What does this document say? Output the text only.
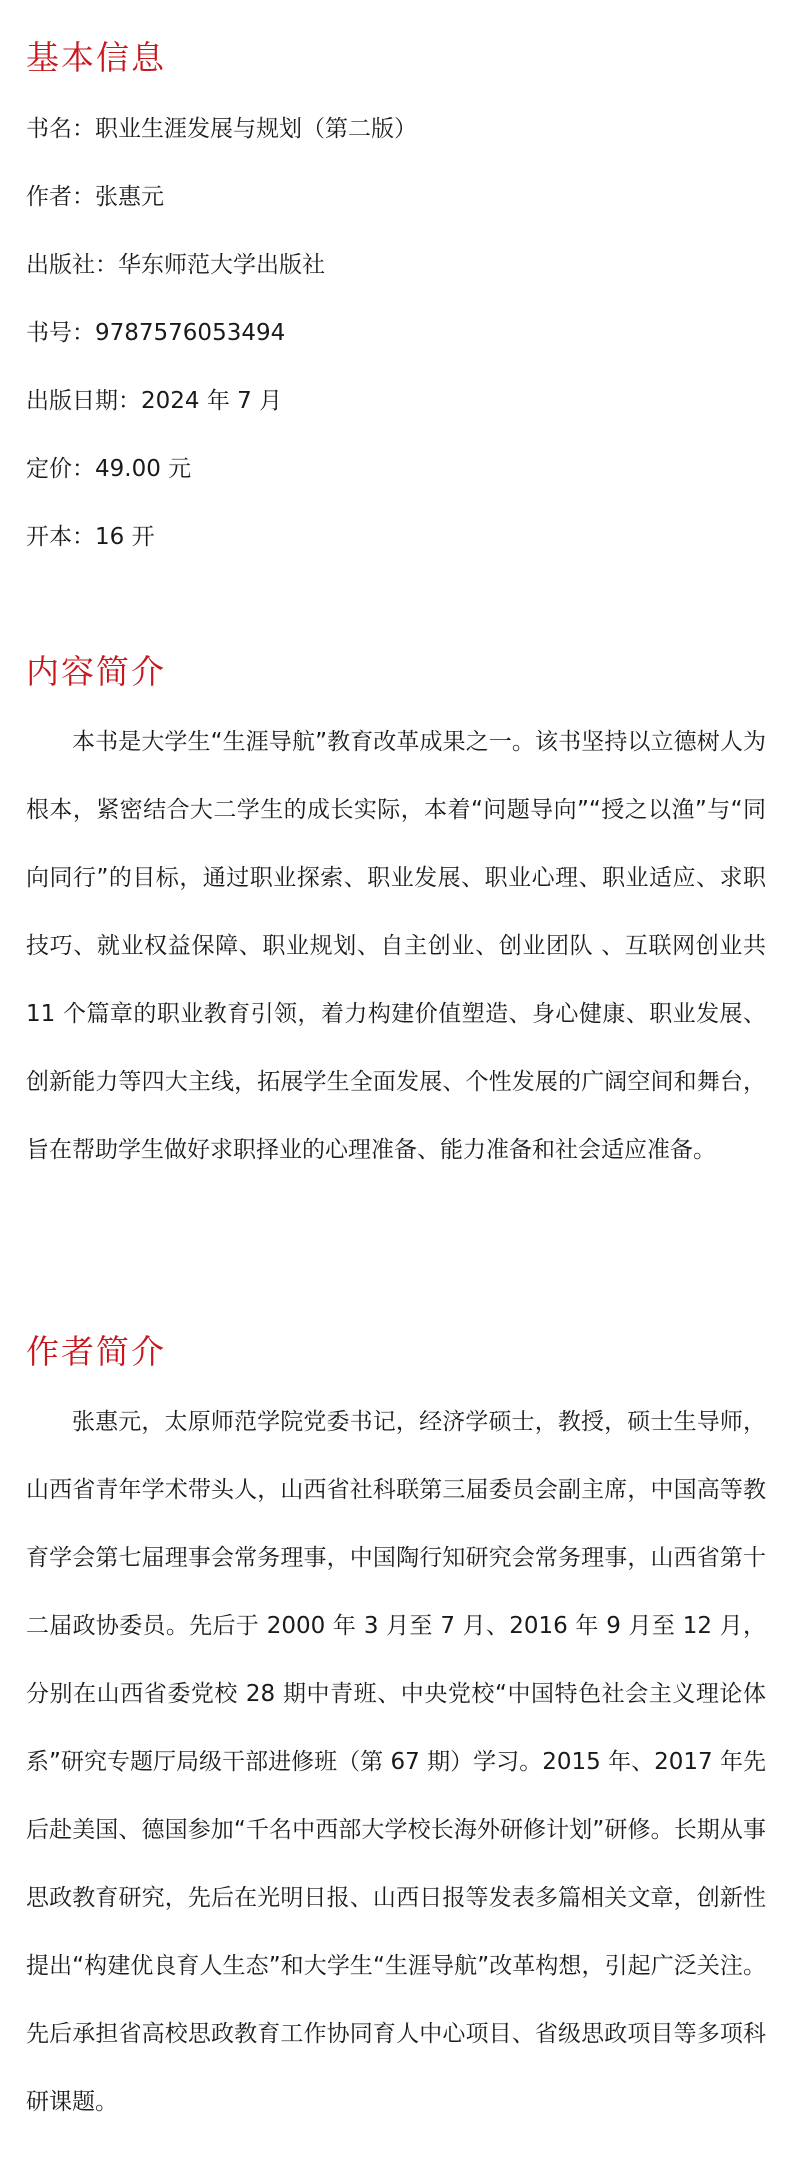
基本信息
书名：职业生涯发展与规划（第二版）
作者：张惠元
出版社：华东师范大学出版社
书号：9787576053494
出版日期：2024 年 7 月
定价：49.00 元
开本：16 开
内容简介

本书是大学生“生涯导航”教育改革成果之一。该书坚持以立德树人为根本，紧密结合大二学生的成长实际，本着“问题导向”“授之以渔”与“同向同行”的目标，通过职业探索、职业发展、职业心理、职业适应、求职技巧、就业权益保障、职业规划、自主创业、创业团队 、互联网创业共 11 个篇章的职业教育引领，着力构建价值塑造、身心健康、职业发展、创新能力等四大主线，拓展学生全面发展、个性发展的广阔空间和舞台，旨在帮助学生做好求职择业的心理准备、能力准备和社会适应准备。

作者简介

张惠元，太原师范学院党委书记，经济学硕士，教授，硕士生导师，山西省青年学术带头人，山西省社科联第三届委员会副主席，中国高等教育学会第七届理事会常务理事，中国陶行知研究会常务理事，山西省第十二届政协委员。先后于 2000 年 3 月至 7 月、2016 年 9 月至 12 月，分别在山西省委党校 28 期中青班、中央党校“中国特色社会主义理论体系”研究专题厅局级干部进修班（第 67 期）学习。2015 年、2017 年先后赴美国、德国参加“千名中西部大学校长海外研修计划”研修。长期从事思政教育研究，先后在光明日报、山西日报等发表多篇相关文章，创新性提出“构建优良育人生态”和大学生“生涯导航”改革构想，引起广泛关注。先后承担省高校思政教育工作协同育人中心项目、省级思政项目等多项科研课题。
